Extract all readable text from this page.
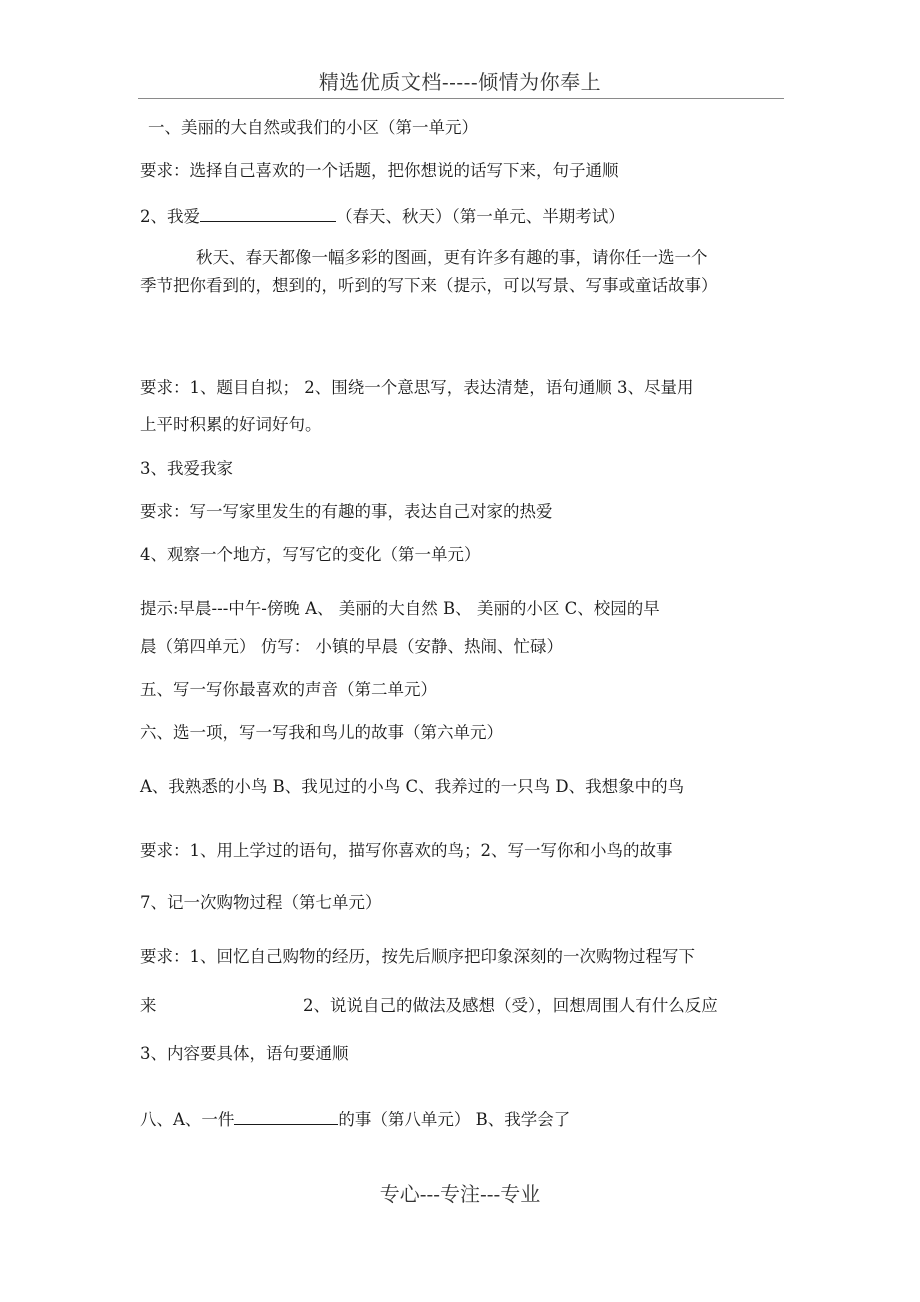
精选优质文档-----倾情为你奉上
一、美丽的大自然或我们的小区（第一单元）
要求：选择自己喜欢的一个话题，把你想说的话写下来，句子通顺
2、我爱	（春天、秋天）（第一单元、半期考试）
秋天、春天都像一幅多彩的图画，更有许多有趣的事，请你任一选一个
季节把你看到的，想到的，听到的写下来（提示，可以写景、写事或童话故事）
要求：1、题目自拟； 2、围绕一个意思写，表达清楚，语句通顺 3、尽量用
上平时积累的好词好句。
3、我爱我家
要求：写一写家里发生的有趣的事，表达自己对家的热爱
4、观察一个地方，写写它的变化（第一单元）
提示:早晨---中午-傍晚 A、 美丽的大自然 B、 美丽的小区 C、校园的早
晨（第四单元） 仿写： 小镇的早晨（安静、热闹、忙碌）
五、写一写你最喜欢的声音（第二单元）
六、选一项，写一写我和鸟儿的故事（第六单元）
A、我熟悉的小鸟 B、我见过的小鸟 C、我养过的一只鸟 D、我想象中的鸟
要求：1、用上学过的语句，描写你喜欢的鸟；2、写一写你和小鸟的故事
7、记一次购物过程（第七单元）
要求：1、回忆自己购物的经历，按先后顺序把印象深刻的一次购物过程写下
来	2、说说自己的做法及感想（受），回想周围人有什么反应
3、内容要具体，语句要通顺
八、A、一件	的事（第八单元） B、我学会了
专心---专注---专业
